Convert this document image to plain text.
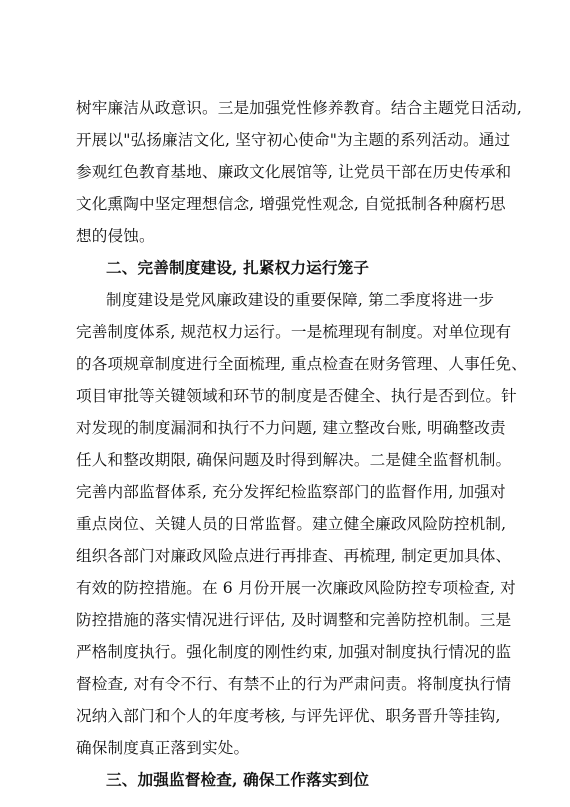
树牢廉洁从政意识。三是加强党性修养教育。结合主题党日活动,
开展以"弘扬廉洁文化, 坚守初心使命"为主题的系列活动。通过
参观红色教育基地、廉政文化展馆等, 让党员干部在历史传承和
文化熏陶中坚定理想信念, 增强党性观念, 自觉抵制各种腐朽思
想的侵蚀。
二、完善制度建设, 扎紧权力运行笼子
制度建设是党风廉政建设的重要保障, 第二季度将进一步
完善制度体系, 规范权力运行。一是梳理现有制度。对单位现有
的各项规章制度进行全面梳理, 重点检查在财务管理、人事任免、
项目审批等关键领域和环节的制度是否健全、执行是否到位。针
对发现的制度漏洞和执行不力问题, 建立整改台账, 明确整改责
任人和整改期限, 确保问题及时得到解决。二是健全监督机制。
完善内部监督体系, 充分发挥纪检监察部门的监督作用, 加强对
重点岗位、关键人员的日常监督。建立健全廉政风险防控机制,
组织各部门对廉政风险点进行再排查、再梳理, 制定更加具体、
有效的防控措施。在 6 月份开展一次廉政风险防控专项检查, 对
防控措施的落实情况进行评估, 及时调整和完善防控机制。三是
严格制度执行。强化制度的刚性约束, 加强对制度执行情况的监
督检查, 对有令不行、有禁不止的行为严肃问责。将制度执行情
况纳入部门和个人的年度考核, 与评先评优、职务晋升等挂钩,
确保制度真正落到实处。
三、加强监督检查, 确保工作落实到位
